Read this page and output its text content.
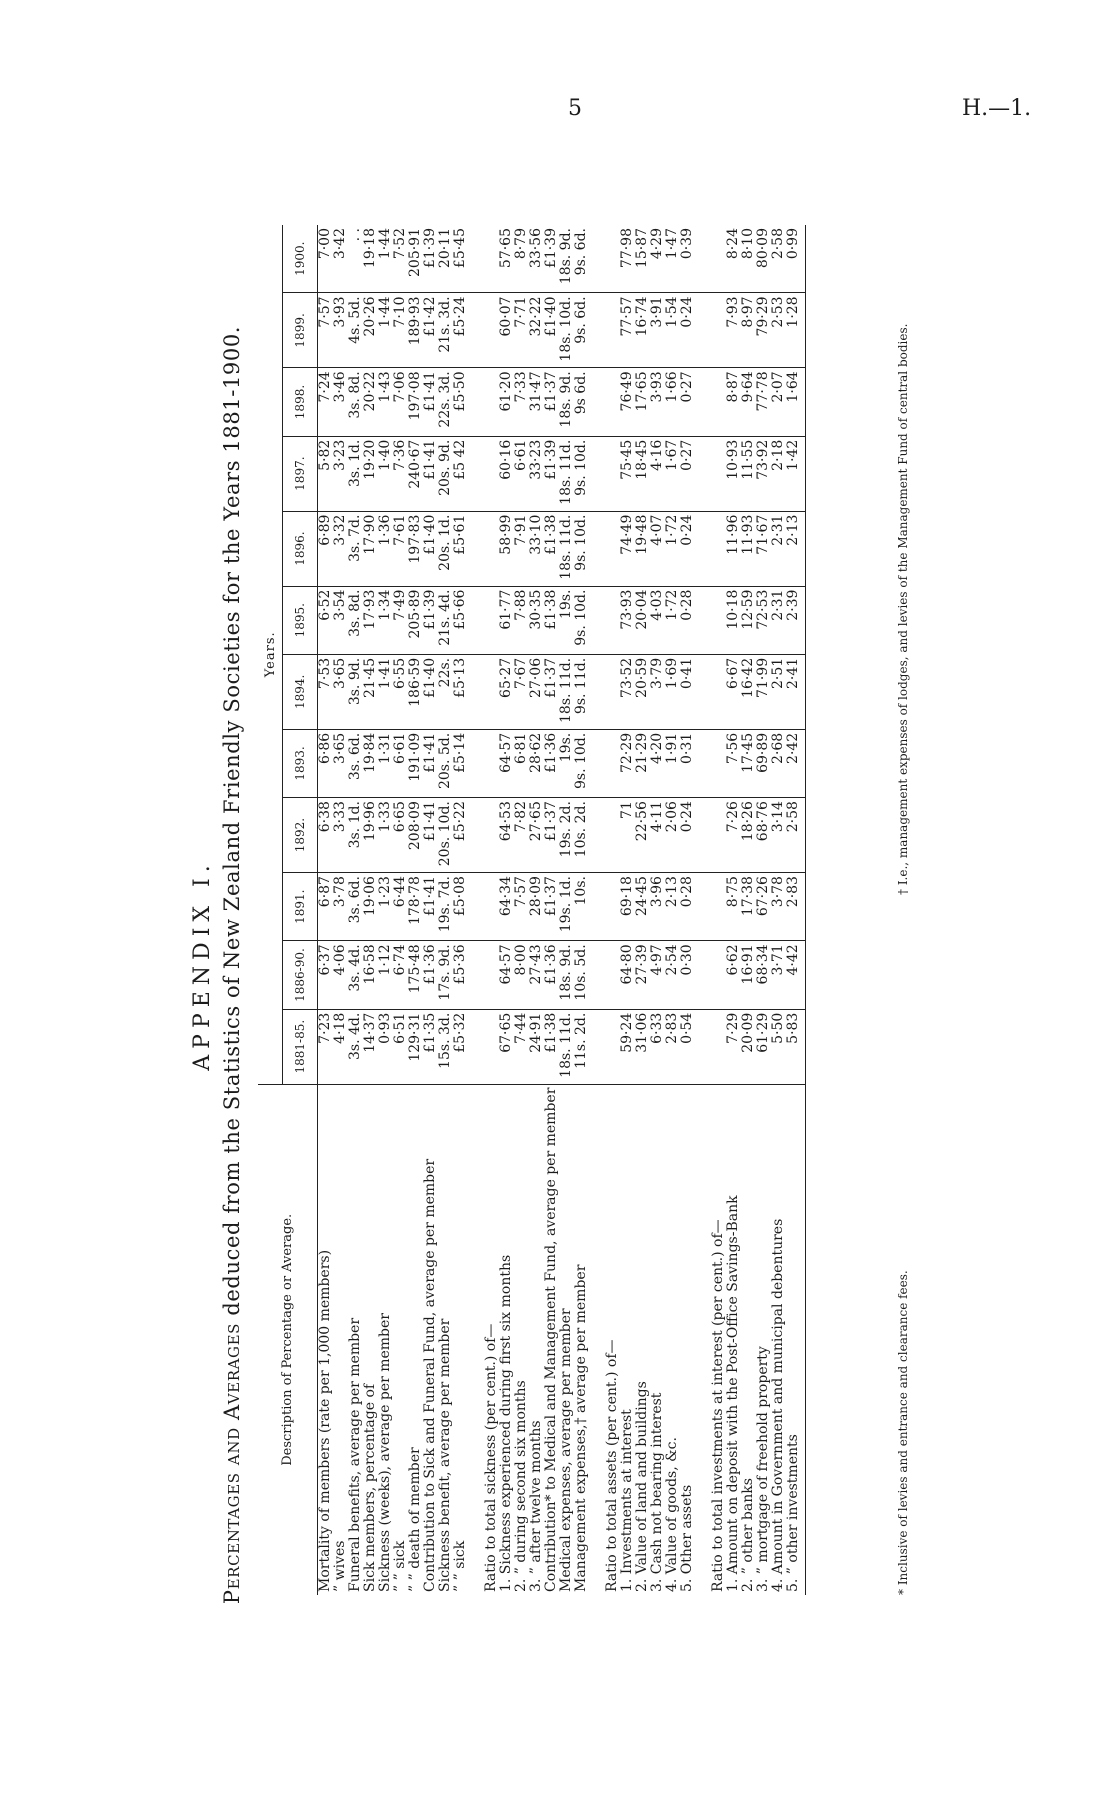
5	H.—1.
APPENDIX I.
Percentages and Averages deduced from the Statistics of New Zealand Friendly Societies for the Years 1881-1900.
Description of Percentage or Average.	Years.											
	1881-85.	1886-90.	1891.	1892.	1893.	1894.	1895.	1896.	1897.	1898.	1899.	1900.
Mortality of members (rate per 1,000 members)	7·23	6·37	6·87	6·38	6·86	7·53	6·52	6·89	5·82	7·24	7·57	7·00
” wives	4·18	4·06	3·78	3·33	3·65	3·65	3·54	3·32	3·23	3·46	3·93	3·42
Funeral benefits, average per member	3s. 4d.	3s. 4d.	3s. 6d.	3s. 1d.	3s. 6d.	3s. 9d.	3s. 8d.	3s. 7d.	3s. 1d.	3s. 8d.	4s. 5d.	. .
Sick members, percentage of	14·37	16·58	19·06	19·96	19·84	21·45	17·93	17·90	19·20	20·22	20·26	19·18
Sickness (weeks), average per member	0·93	1·12	1·23	1·33	1·31	1·41	1·34	1·36	1·40	1·43	1·44	1·44
” ” sick	6·51	6·74	6·44	6·65	6·61	6·55	7·49	7·61	7·36	7·06	7·10	7·52
” ” death of member	129·31	175·48	178·78	208·09	191·09	186·59	205·89	197·83	240·67	197·08	189·93	205·91
Contribution to Sick and Funeral Fund, average per member	£1·35	£1·36	£1·41	£1·41	£1·41	£1·40	£1·39	£1·40	£1·41	£1·41	£1·42	£1·39
Sickness benefit, average per member	15s. 3d.	17s. 9d.	19s. 7d.	20s. 10d.	20s. 5d.	22s.	21s. 4d.	20s. 1d.	20s. 9d.	22s. 3d.	21s. 3d.	20·11
” ” sick	£5·32	£5·36	£5·08	£5·22	£5·14	£5·13	£5·66	£5·61	£5 42	£5·50	£5·24	£5·45

Ratio to total sickness (per cent.) of—												
1. Sickness experienced during first six months	67·65	64·57	64·34	64·53	64·57	65·27	61·77	58·99	60·16	61·20	60·07	57·65
2. ” during second six months	7·44	8·00	7·57	7·82	6·81	7·67	7·88	7·91	6·61	7·33	7·71	8·79
3. ” after twelve months	24·91	27·43	28·09	27·65	28·62	27·06	30·35	33·10	33·23	31·47	32·22	33·56
Contribution* to Medical and Management Fund, average per member	£1·38	£1·36	£1·37	£1·37	£1·36	£1·37	£1·38	£1·38	£1·39	£1·37	£1·40	£1·39
Medical expenses, average per member	18s. 11d.	18s. 9d.	19s. 1d.	19s. 2d.	19s.	18s. 11d.	19s.	18s. 11d.	18s. 11d.	18s. 9d.	18s. 10d.	18s. 9d.
Management expenses,† average per member	11s. 2d.	10s. 5d.	10s.	10s. 2d.	9s. 10d.	9s. 11d.	9s. 10d.	9s. 10d.	9s. 10d.	9s 6d.	9s. 6d.	9s. 6d.

Ratio to total assets (per cent.) of—												
1. Investments at interest	59·24	64·80	69·18	71	72·29	73·52	73·93	74·49	75·45	76·49	77·57	77·98
2. Value of land and buildings	31·06	27·39	24·45	22·56	21·29	20·59	20·04	19·48	18·45	17·65	16·74	15·87
3. Cash not bearing interest	6·33	4·97	3·96	4·11	4·20	3·79	4·03	4·07	4·16	3·93	3·91	4·29
4. Value of goods, &c.	2·83	2·54	2·13	2·06	1·91	1·69	1·72	1·72	1·67	1·66	1·54	1·47
5. Other assets	0·54	0·30	0·28	0·24	0·31	0·41	0·28	0·24	0·27	0·27	0·24	0·39

Ratio to total investments at interest (per cent.) of—												
1. Amount on deposit with the Post-Office Savings-Bank	7·29	6·62	8·75	7·26	7·56	6·67	10·18	11·96	10·93	8·87	7·93	8·24
2. ” other banks	20·09	16·91	17·38	18·26	17·45	16·42	12·59	11·93	11·55	9·64	8·97	8·10
3. ” mortgage of freehold property	61·29	68·34	67·26	68·76	69·89	71·99	72·53	71·67	73·92	77·78	79·29	80·09
4. Amount in Government and municipal debentures	5·50	3·71	3·78	3·14	2·68	2·51	2·31	2·31	2·18	2·07	2·53	2·58
5. ” other investments	5·83	4·42	2·83	2·58	2·42	2·41	2·39	2·13	1·42	1·64	1·28	0·99
* Inclusive of levies and entrance and clearance fees.
† I.e., management expenses of lodges, and levies of the Management Fund of central bodies.
